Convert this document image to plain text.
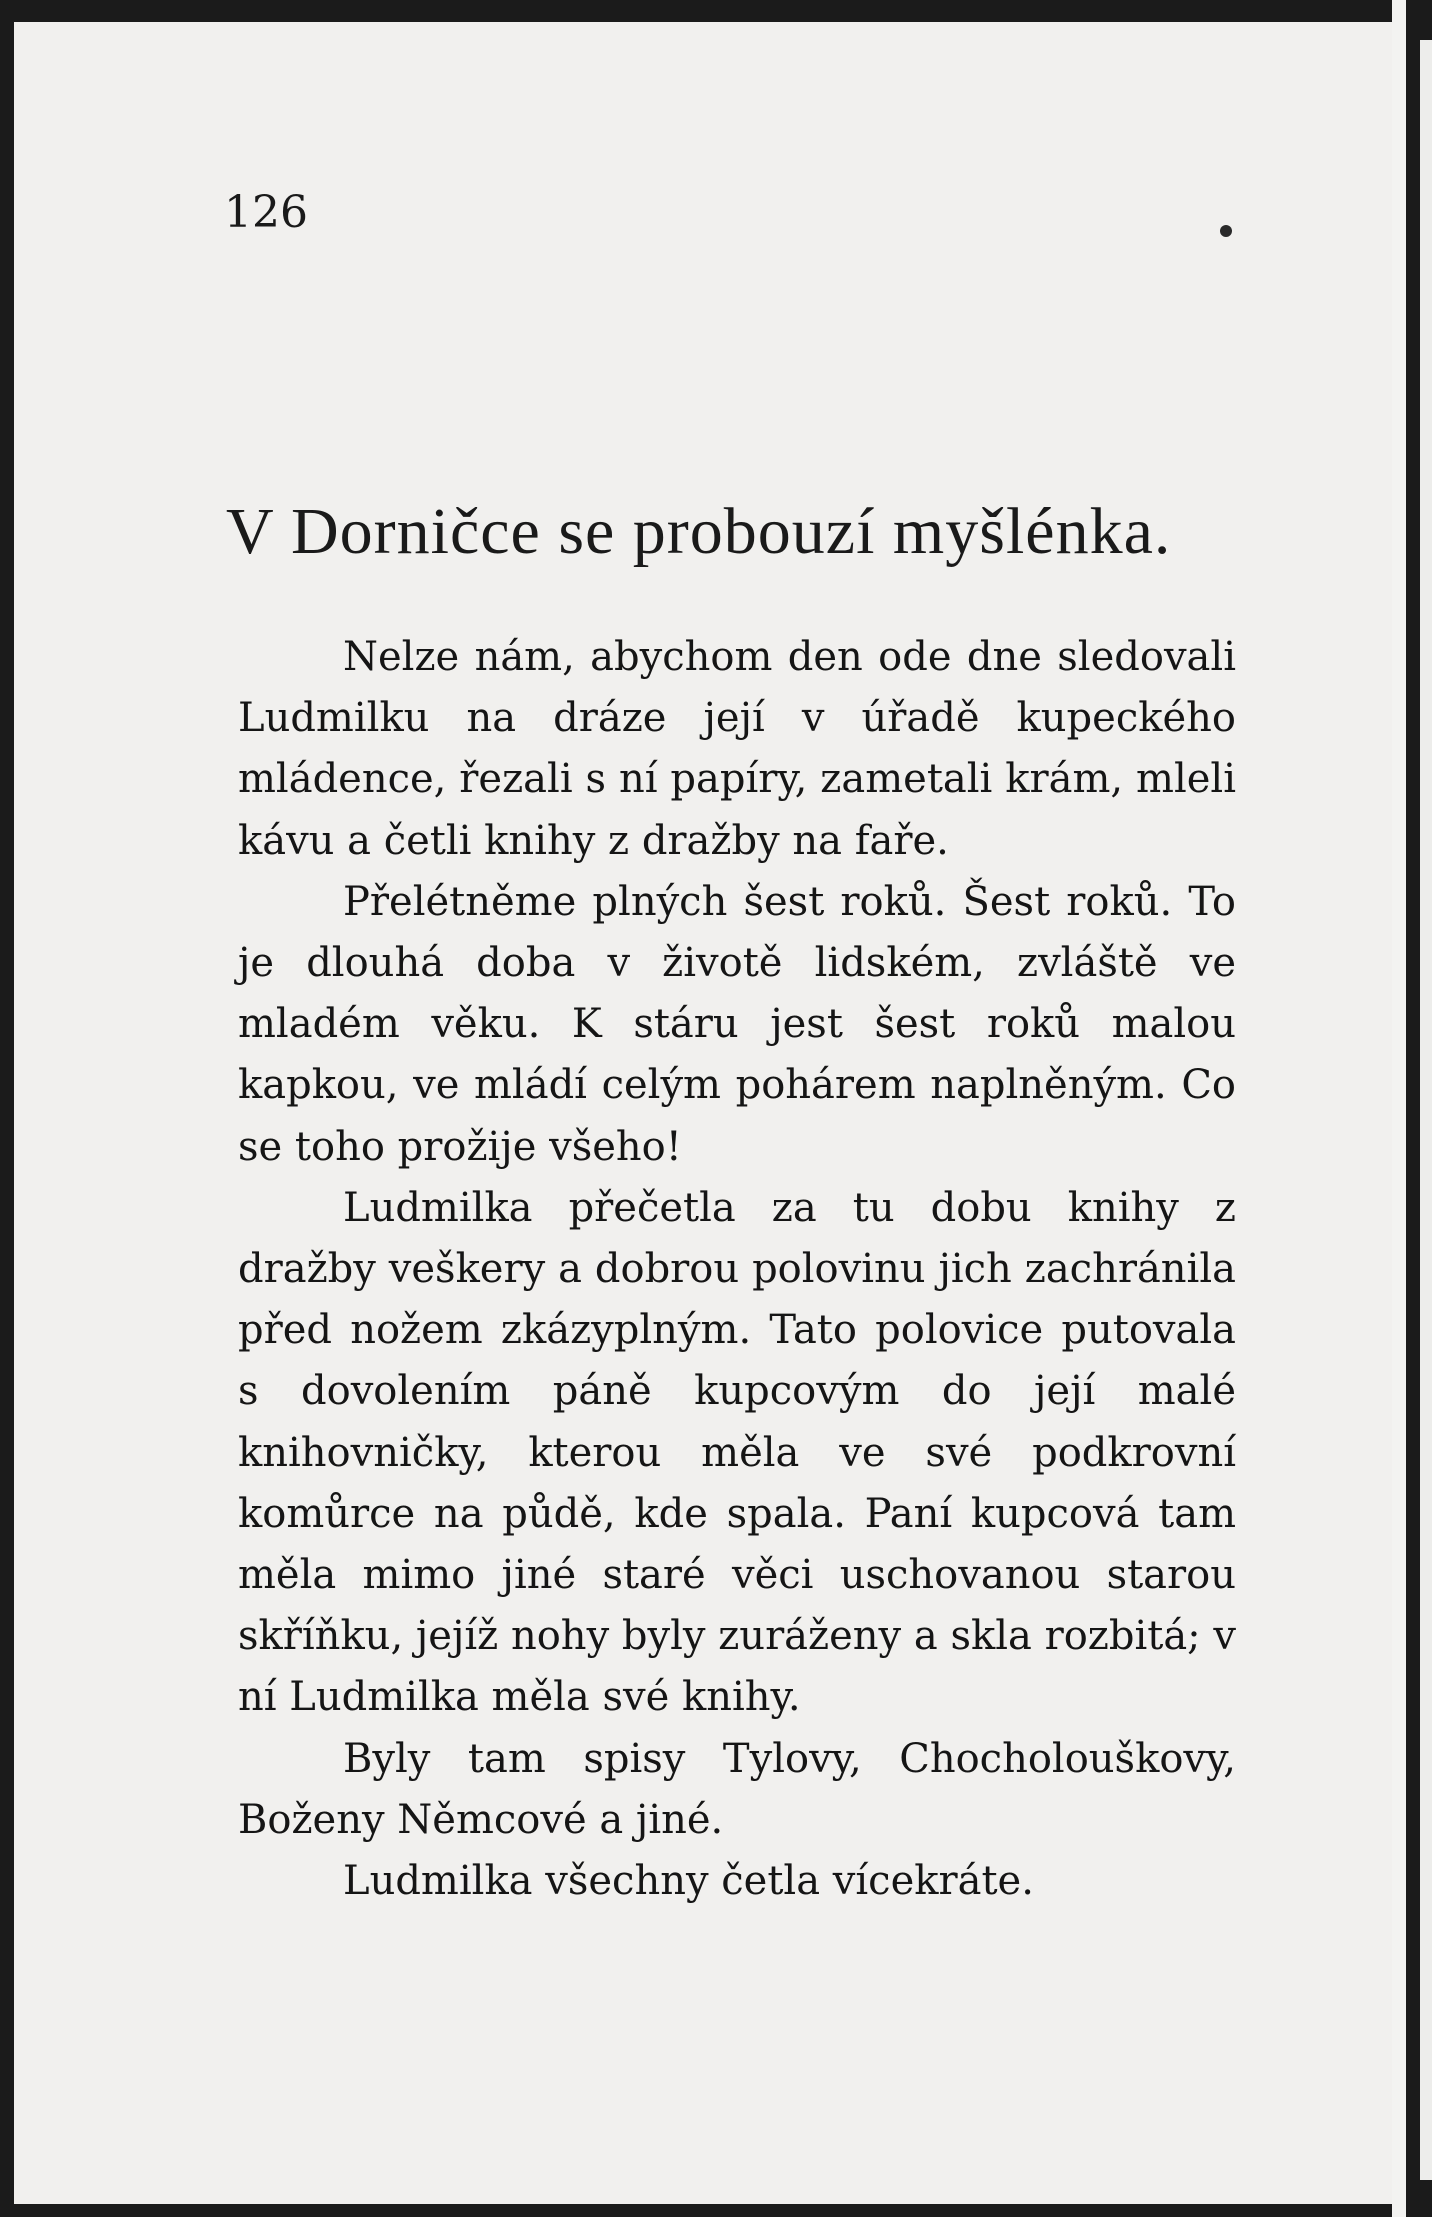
126
V Dorničce se probouzí myšlénka.

Nelze nám, abychom den ode dne sledovali Ludmilku na dráze její v úřadě kupeckého mládence, řezali s ní papíry, zametali krám, mleli kávu a četli knihy z dražby na faře.

Přelétněme plných šest roků. Šest roků. To je dlouhá doba v životě lidském, zvláště ve mladém věku. K stáru jest šest roků malou kapkou, ve mládí celým pohárem naplněným. Co se toho prožije všeho!

Ludmilka přečetla za tu dobu knihy z dražby veškery a dobrou polovinu jich zachránila před nožem zkázyplným. Tato polovice putovala s dovolením páně kupcovým do její malé knihovničky, kterou měla ve své podkrovní komůrce na půdě, kde spala. Paní kupcová tam měla mimo jiné staré věci uschovanou starou skříňku, jejíž nohy byly zuráženy a skla rozbitá; v ní Ludmilka měla své knihy.

Byly tam spisy Tylovy, Chocholouškovy, Boženy Němcové a jiné.

Ludmilka všechny četla vícekráte.
